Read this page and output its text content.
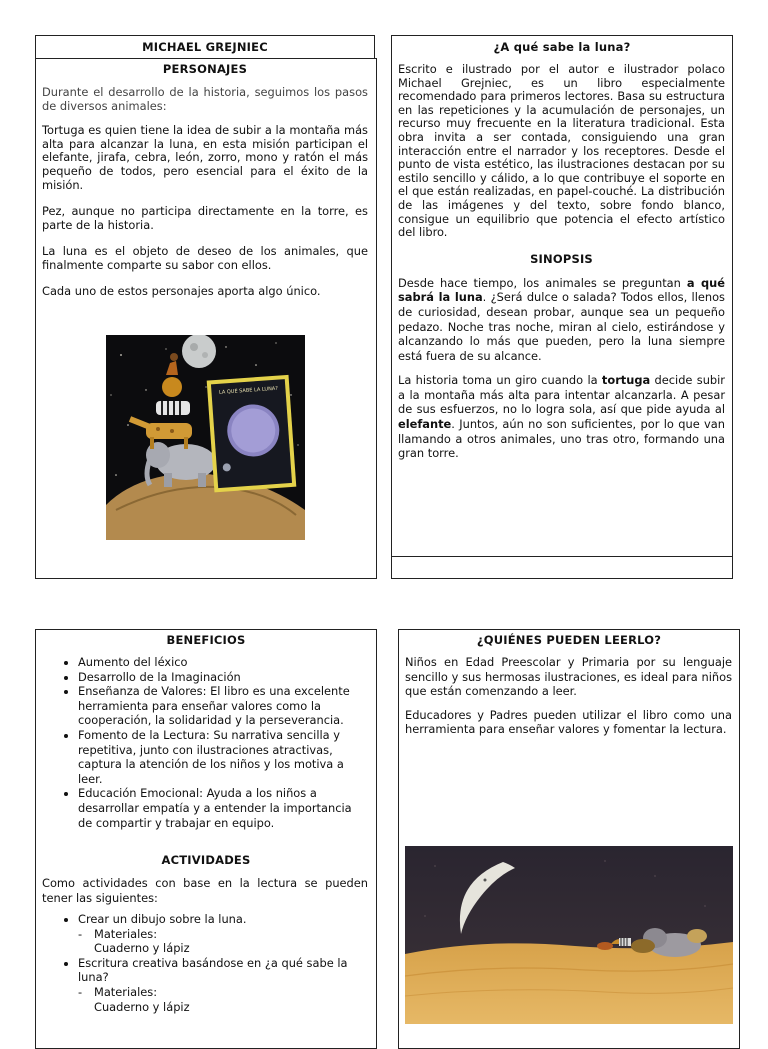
MICHAEL GREJNIEC
PERSONAJES

Durante el desarrollo de la historia, seguimos los pasos de diversos animales:

Tortuga es quien tiene la idea de subir a la montaña más alta para alcanzar la luna, en esta misión participan el elefante, jirafa, cebra, león, zorro, mono y ratón el más pequeño de todos, pero esencial para el éxito de la misión.

Pez, aunque no participa directamente en la torre, es parte de la historia.

La luna es el objeto de deseo de los animales, que finalmente comparte su sabor con ellos.

Cada uno de estos personajes aporta algo único.

LA QUÉ SABE LA LUNA?
¿A qué sabe la luna?

Escrito e ilustrado por el autor e ilustrador polaco Michael Grejniec, es un libro especialmente recomendado para primeros lectores. Basa su estructura en las repeticiones y la acumulación de personajes, un recurso muy frecuente en la literatura tradicional. Esta obra invita a ser contada, consiguiendo una gran interacción entre el narrador y los receptores. Desde el punto de vista estético, las ilustraciones destacan por su estilo sencillo y cálido, a lo que contribuye el soporte en el que están realizadas, en papel-couché. La distribución de las imágenes y del texto, sobre fondo blanco, consigue un equilibrio que potencia el efecto artístico del libro.

SINOPSIS

Desde hace tiempo, los animales se preguntan a qué sabrá la luna. ¿Será dulce o salada? Todos ellos, llenos de curiosidad, desean probar, aunque sea un pequeño pedazo. Noche tras noche, miran al cielo, estirándose y alcanzando lo más que pueden, pero la luna siempre está fuera de su alcance.

La historia toma un giro cuando la tortuga decide subir a la montaña más alta para intentar alcanzarla. A pesar de sus esfuerzos, no lo logra sola, así que pide ayuda al elefante. Juntos, aún no son suficientes, por lo que van llamando a otros animales, uno tras otro, formando una gran torre.

BENEFICIOS
• Aumento del léxico
• Desarrollo de la Imaginación
• Enseñanza de Valores: El libro es una excelente herramienta para enseñar valores como la cooperación, la solidaridad y la perseverancia.
• Fomento de la Lectura: Su narrativa sencilla y repetitiva, junto con ilustraciones atractivas, captura la atención de los niños y los motiva a leer.
• Educación Emocional: Ayuda a los niños a desarrollar empatía y a entender la importancia de compartir y trabajar en equipo.
ACTIVIDADES

Como actividades con base en la lectura se pueden tener las siguientes:

• Crear un dibujo sobre la luna.
- Materiales:
Cuaderno y lápiz
• Escritura creativa basándose en ¿a qué sabe la luna?
- Materiales:
Cuaderno y lápiz
¿QUIÉNES PUEDEN LEERLO?

Niños en Edad Preescolar y Primaria por su lenguaje sencillo y sus hermosas ilustraciones, es ideal para niños que están comenzando a leer.

Educadores y Padres pueden utilizar el libro como una herramienta para enseñar valores y fomentar la lectura.
